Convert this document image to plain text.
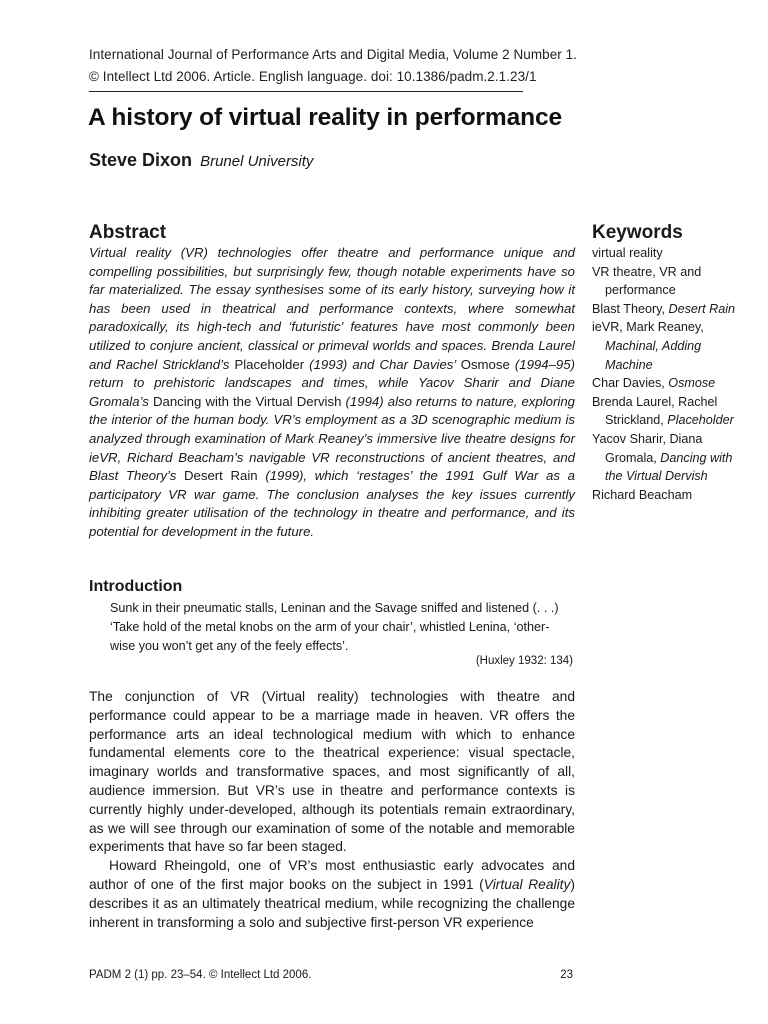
International Journal of Performance Arts and Digital Media, Volume 2 Number 1.
© Intellect Ltd 2006. Article. English language. doi: 10.1386/padm.2.1.23/1
A history of virtual reality in performance
Steve Dixon Brunel University
Abstract

Virtual reality (VR) technologies offer theatre and performance unique and compelling possibilities, but surprisingly few, though notable experiments have so far materialized. The essay synthesises some of its early history, surveying how it has been used in theatrical and performance contexts, where somewhat paradoxically, its high-tech and ‘futuristic’ features have most commonly been utilized to conjure ancient, classical or primeval worlds and spaces. Brenda Laurel and Rachel Strickland’s Placeholder (1993) and Char Davies’ Osmose (1994–95) return to prehistoric landscapes and times, while Yacov Sharir and Diane Gromala’s Dancing with the Virtual Dervish (1994) also returns to nature, exploring the interior of the human body. VR’s employment as a 3D scenographic medium is analyzed through examination of Mark Reaney’s immersive live theatre designs for ieVR, Richard Beacham’s navigable VR reconstructions of ancient theatres, and Blast Theory’s Desert Rain (1999), which ‘restages’ the 1991 Gulf War as a participatory VR war game. The conclusion analyses the key issues currently inhibiting greater utilisation of the technology in theatre and performance, and its potential for development in the future.

Keywords
virtual reality
VR theatre, VR and performance
Blast Theory, Desert Rain
ieVR, Mark Reaney, Machinal, Adding Machine
Char Davies, Osmose
Brenda Laurel, Rachel Strickland, Placeholder
Yacov Sharir, Diana Gromala, Dancing with the Virtual Dervish
Richard Beacham
Introduction
Sunk in their pneumatic stalls, Leninan and the Savage sniffed and listened (. . .)
‘Take hold of the metal knobs on the arm of your chair’, whistled Lenina, ‘other-
wise you won’t get any of the feely effects’.
(Huxley 1932: 134)

The conjunction of VR (Virtual reality) technologies with theatre and performance could appear to be a marriage made in heaven. VR offers the performance arts an ideal technological medium with which to enhance fundamental elements core to the theatrical experience: visual spectacle, imaginary worlds and transformative spaces, and most significantly of all, audience immersion. But VR’s use in theatre and performance contexts is currently highly under-developed, although its potentials remain extraordinary, as we will see through our examination of some of the notable and memorable experiments that have so far been staged.

Howard Rheingold, one of VR’s most enthusiastic early advocates and author of one of the first major books on the subject in 1991 (Virtual Reality) describes it as an ultimately theatrical medium, while recognizing the challenge inherent in transforming a solo and subjective first-person VR experience

PADM 2 (1) pp. 23–54. © Intellect Ltd 2006.	23
